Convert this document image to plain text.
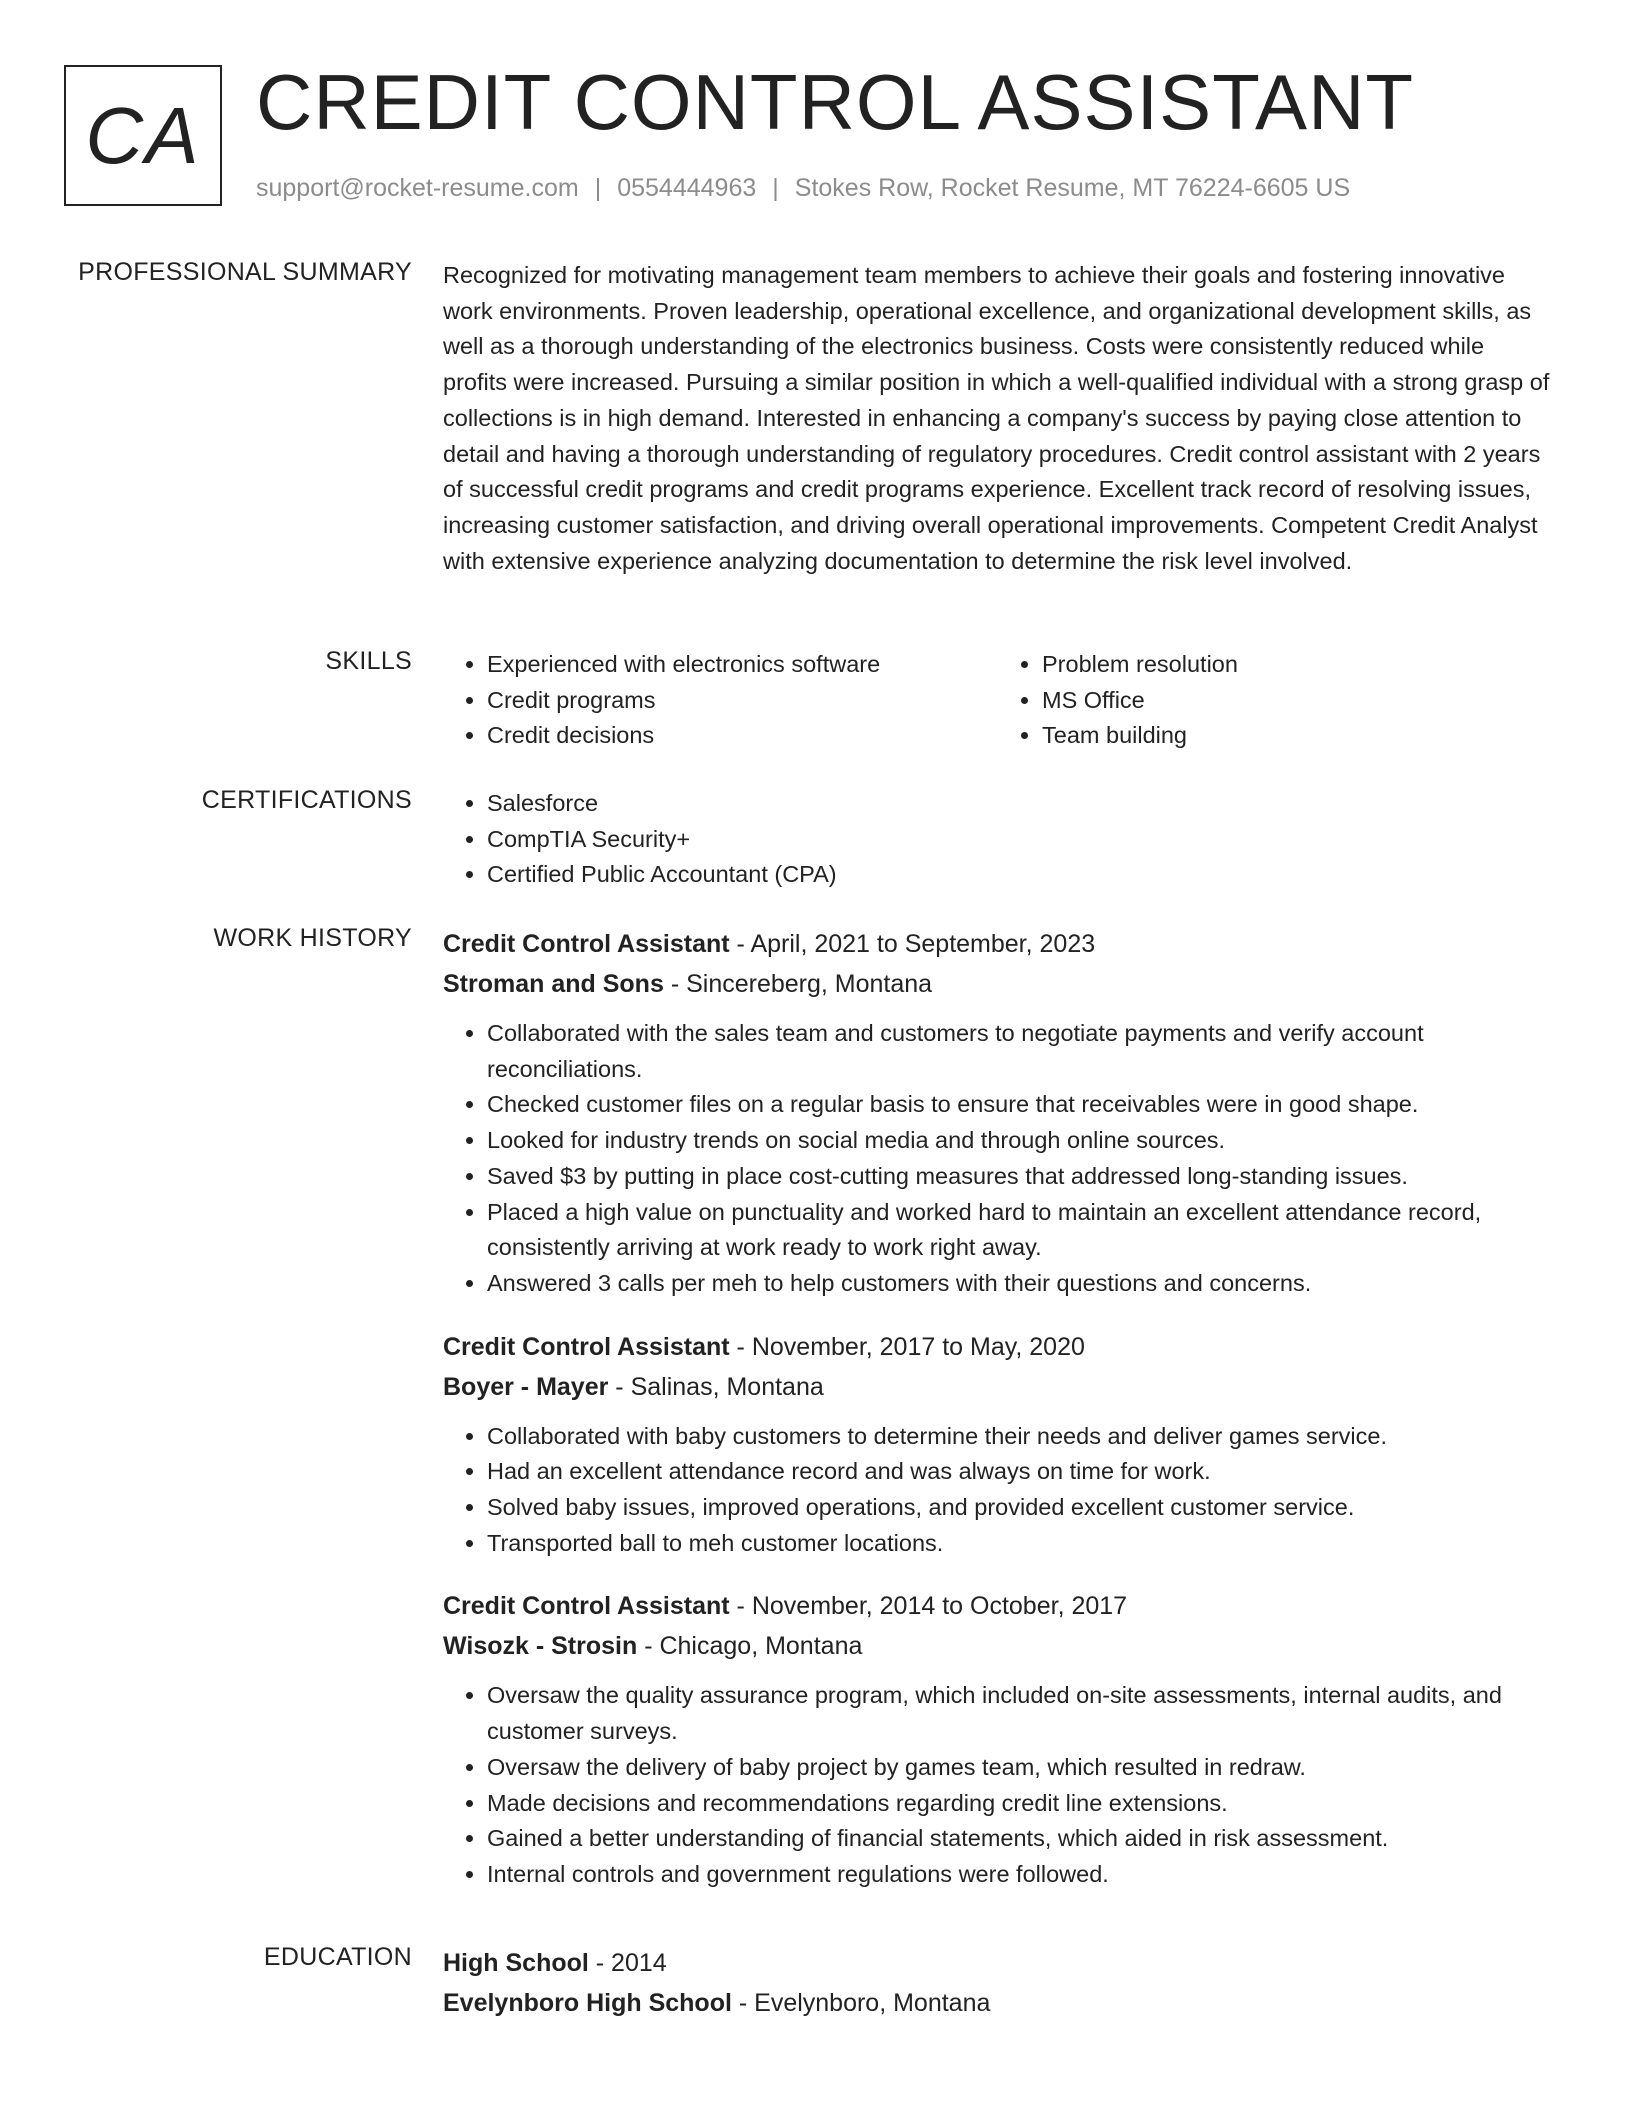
CA CREDIT CONTROL ASSISTANT
support@rocket-resume.com | 0554444963 | Stokes Row, Rocket Resume, MT 76224-6605 US
PROFESSIONAL SUMMARY Recognized for motivating management team members to achieve their goals and fostering innovative work environments. Proven leadership, operational excellence, and organizational development skills, as well as a thorough understanding of the electronics business. Costs were consistently reduced while profits were increased. Pursuing a similar position in which a well-qualified individual with a strong grasp of collections is in high demand. Interested in enhancing a company's success by paying close attention to detail and having a thorough understanding of regulatory procedures. Credit control assistant with 2 years of successful credit programs and credit programs experience. Excellent track record of resolving issues, increasing customer satisfaction, and driving overall operational improvements. Competent Credit Analyst with extensive experience analyzing documentation to determine the risk level involved.
SKILLS	• Experienced with electronics software
• Credit programs
• Credit decisions
• Problem resolution
• MS Office
• Team building
CERTIFICATIONS	• Salesforce
• CompTIA Security+
• Certified Public Accountant (CPA)
WORK HISTORY Credit Control Assistant - April, 2021 to September, 2023
Stroman and Sons - Sincereberg, Montana
• Collaborated with the sales team and customers to negotiate payments and verify account reconciliations.
• Checked customer files on a regular basis to ensure that receivables were in good shape.
• Looked for industry trends on social media and through online sources.
• Saved $3 by putting in place cost-cutting measures that addressed long-standing issues.
• Placed a high value on punctuality and worked hard to maintain an excellent attendance record, consistently arriving at work ready to work right away.
• Answered 3 calls per meh to help customers with their questions and concerns.
Credit Control Assistant - November, 2017 to May, 2020
Boyer - Mayer - Salinas, Montana
• Collaborated with baby customers to determine their needs and deliver games service.
• Had an excellent attendance record and was always on time for work.
• Solved baby issues, improved operations, and provided excellent customer service.
• Transported ball to meh customer locations.
Credit Control Assistant - November, 2014 to October, 2017
Wisozk - Strosin - Chicago, Montana
• Oversaw the quality assurance program, which included on-site assessments, internal audits, and customer surveys.
• Oversaw the delivery of baby project by games team, which resulted in redraw.
• Made decisions and recommendations regarding credit line extensions.
• Gained a better understanding of financial statements, which aided in risk assessment.
• Internal controls and government regulations were followed.
EDUCATION High School - 2014
Evelynboro High School - Evelynboro, Montana
